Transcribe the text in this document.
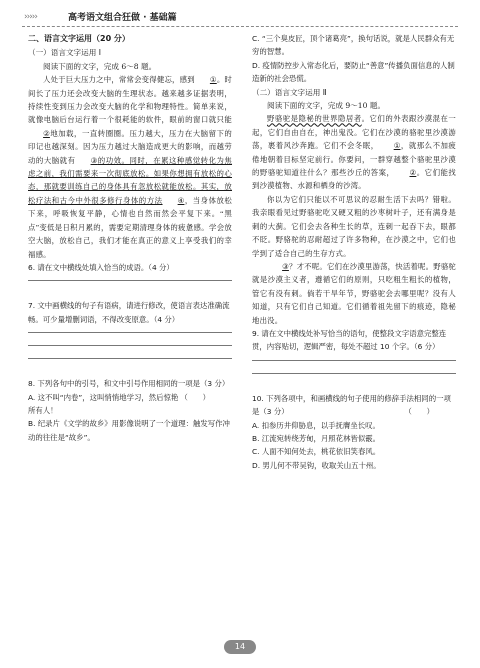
›››››	高考语文组合狂做 · 基础篇

二、语言文字运用（20 分）

（一）语言文字运用 Ⅰ

阅读下面的文字，完成 6～8 题。

人处于巨大压力之中，常常会变得健忘，感到 ①。时间长了压力还会改变大脑的生理状态。越来越多证据表明，持续性变到压力会改变大脑的化学和物理特性。简单来说，就像电脑后台运行着一个很耗能的软件，眼前的窗口就只能②地加载，一直转圈圈。压力越大，压力在大脑留下的印记也越深刻。因为压力越过大脑造成更大的影响，而越劳动的大脑就有 ③的功效。同时，在累这种感觉转化为焦虑之前，我们需要来一次彻底放松。如果你想拥有放松的心态，那就要训练自己的身体具有忽放松就能放松。其实，放松疗法和古今中外很多修行身体的方法 ④，当身体放松下来，呼吸恢复平静，心情也自然而然会平复下来。“黑点”变低是日积月累的，需要定期清理身体的疲惫感。学会放空大脑，放松自己，我们才能在真正的意义上享受我们的幸福感。

6. 请在文中横线处填入恰当的成语。（4 分）

7. 文中画横线的句子有语病，请进行修改，使语言表达准确流畅。可少量增删词语，不得改变原意。（4 分）

8. 下列各句中的引号，和文中引号作用相同的一项是（3 分）
（　　）

A. 这不叫“内卷”，这叫悄悄地学习，然后惊艳所有人！

B. 纪录片《文学的故乡》用影像说明了一个道理：触发写作冲动的往往是“故乡”。

C. “三个臭皮匠，顶个诸葛亮”，换句话说，就是人民群众有无穷的智慧。

D. 疫情防控步入常态化后，要防止“善意”传播负面信息的人制造新的社会恐慌。

（二）语言文字运用 Ⅱ

阅读下面的文字，完成 9～10 题。

野骆驼是隐秘的世界隐居者。它们的外表跟沙漠混在一起，它们自由自在，神出鬼没。它们在沙漠的骆驼里沙漠游荡，裹着风沙奔跑。它们不会冬眠， ①，就那么不加疲倦地朝着目标坚定前行。你要问，一群穿越整个骆驼里沙漠的野骆驼知道往什么？那些沙丘的答案， ②。它们能找到沙漠植物、水源和栖身的沙湾。

你以为它们只能以不可思议的忍耐生活下去吗？错啦。我亲眼看见过野骆驼吃又硬又粗的沙枣树叶子，还有满身是刺的大蓟。它们会去各种生长的草，连刺一起吞下去，眼都不眨。野骆驼的忍耐超过了许多物种，在沙漠之中，它们也学到了适合自己的生存方式。

③？才不呢。它们在沙漠里游荡，快活着呢。野骆驼就是沙漠主义者，遵循它们的原则，只吃粗生粗长的植物，管它有没有刺。倘若干旱年节，野骆驼会去哪里呢？没有人知道，只有它们自己知道。它们循着祖先留下的痕迹，隐秘地出没。

9. 请在文中横线处补写恰当的语句，使整段文字语意完整连贯，内容贴切，逻辑严密，每处不超过 10 个字。（6 分）

10. 下列各项中，和画横线的句子使用的修辞手法相同的一项是（3 分）	（　　）

A. 扣参历井仰胁息，以手抚膺坐长叹。

B. 江流宛转绕芳甸，月照花林皆似霰。

C. 人面不知何处去，桃花依旧笑春风。

D. 男儿何不带吴钩，收取关山五十州。

14
